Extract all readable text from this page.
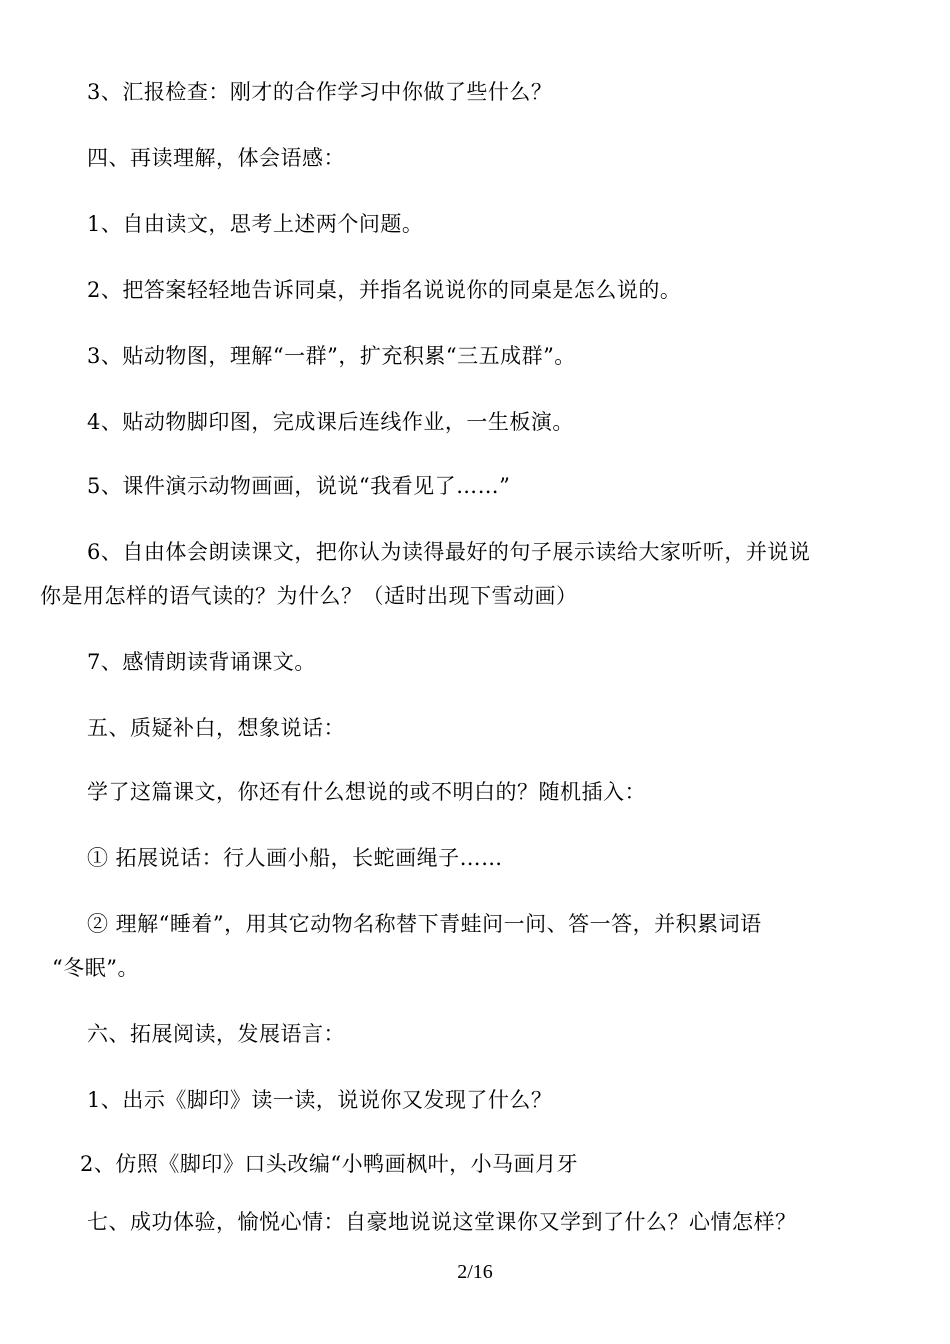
3、汇报检查：刚才的合作学习中你做了些什么？
四、再读理解，体会语感：
1、自由读文，思考上述两个问题。
2、把答案轻轻地告诉同桌，并指名说说你的同桌是怎么说的。
3、贴动物图，理解“一群”，扩充积累“三五成群”。
4、贴动物脚印图，完成课后连线作业，一生板演。
5、课件演示动物画画，说说“我看见了……”
6、自由体会朗读课文，把你认为读得最好的句子展示读给大家听听，并说说
你是用怎样的语气读的？为什么？（适时出现下雪动画）
7、感情朗读背诵课文。
五、质疑补白，想象说话：
学了这篇课文，你还有什么想说的或不明白的？随机插入：
① 拓展说话：行人画小船，长蛇画绳子……
② 理解“睡着”，用其它动物名称替下青蛙问一问、答一答，并积累词语
“冬眠”。
六、拓展阅读，发展语言：
1、出示《脚印》读一读，说说你又发现了什么？
2、仿照《脚印》口头改编“小鸭画枫叶，小马画月牙
七、成功体验，愉悦心情：自豪地说说这堂课你又学到了什么？心情怎样？
2/16
